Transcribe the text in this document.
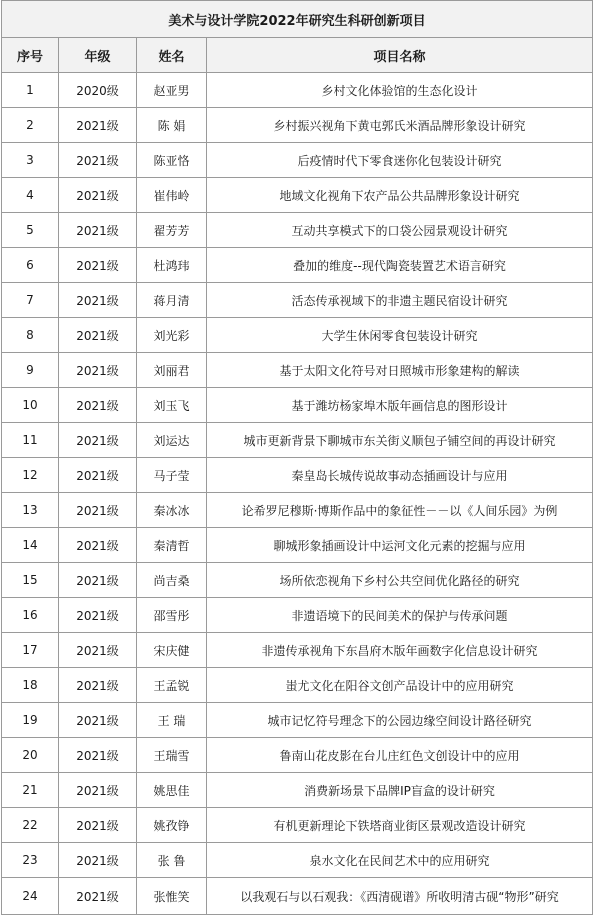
美术与设计学院2022年研究生科研创新项目			
序号	年级	姓名	项目名称
1	2020级	赵亚男	乡村文化体验馆的生态化设计
2	2021级	陈 娟	乡村振兴视角下黄屯郭氏米酒品牌形象设计研究
3	2021级	陈亚恪	后疫情时代下零食迷你化包装设计研究
4	2021级	崔伟岭	地域文化视角下农产品公共品牌形象设计研究
5	2021级	翟芳芳	互动共享模式下的口袋公园景观设计研究
6	2021级	杜鸿玮	叠加的维度--现代陶瓷装置艺术语言研究
7	2021级	蒋月清	活态传承视域下的非遗主题民宿设计研究
8	2021级	刘光彩	大学生休闲零食包装设计研究
9	2021级	刘丽君	基于太阳文化符号对日照城市形象建构的解读
10	2021级	刘玉飞	基于潍坊杨家埠木版年画信息的图形设计
11	2021级	刘运达	城市更新背景下聊城市东关街义顺包子铺空间的再设计研究
12	2021级	马子莹	秦皇岛长城传说故事动态插画设计与应用
13	2021级	秦冰冰	论希罗尼穆斯·博斯作品中的象征性－－以《人间乐园》为例
14	2021级	秦清哲	聊城形象插画设计中运河文化元素的挖掘与应用
15	2021级	尚吉桑	场所依恋视角下乡村公共空间优化路径的研究
16	2021级	邵雪彤	非遗语境下的民间美术的保护与传承问题
17	2021级	宋庆健	非遗传承视角下东昌府木版年画数字化信息设计研究
18	2021级	王孟锐	蚩尤文化在阳谷文创产品设计中的应用研究
19	2021级	王 瑞	城市记忆符号理念下的公园边缘空间设计路径研究
20	2021级	王瑞雪	鲁南山花皮影在台儿庄红色文创设计中的应用
21	2021级	姚思佳	消费新场景下品牌IP盲盒的设计研究
22	2021级	姚孜铮	有机更新理论下铁塔商业街区景观改造设计研究
23	2021级	张 鲁	泉水文化在民间艺术中的应用研究
24	2021级	张惟笑	以我观石与以石观我：《西清砚谱》所收明清古砚“物形”研究
